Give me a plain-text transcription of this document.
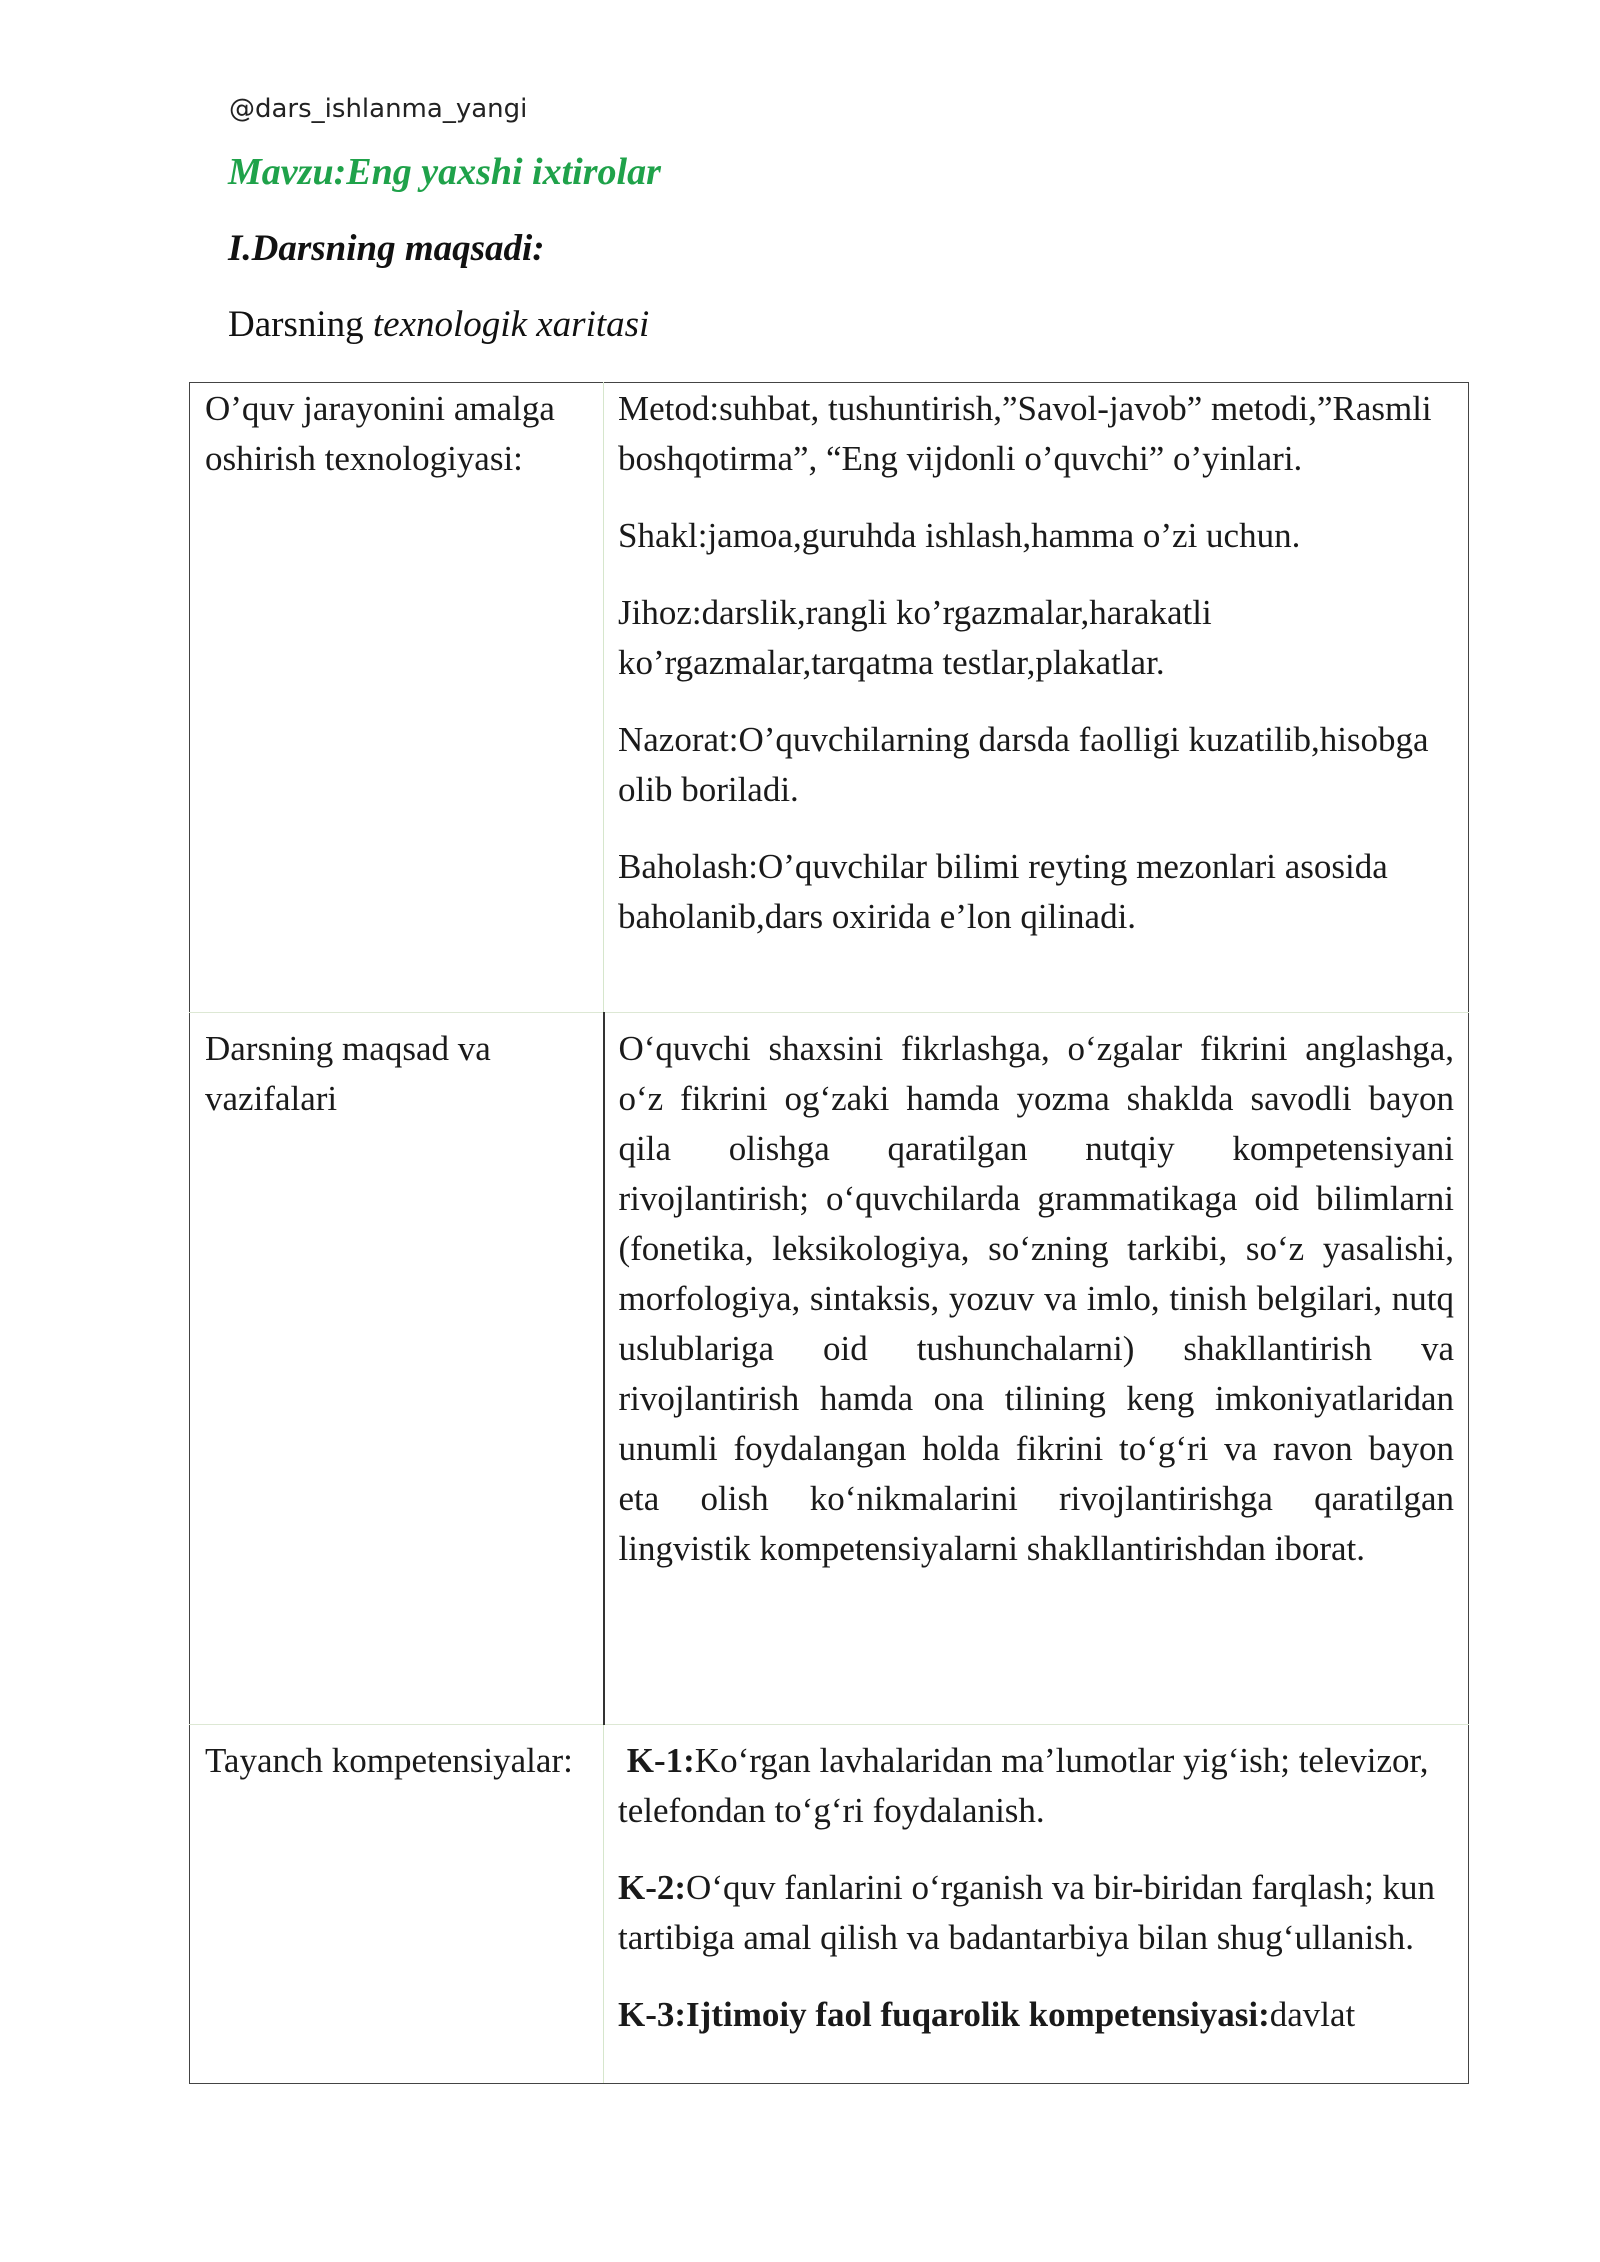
@dars_ishlanma_yangi
Mavzu:Eng yaxshi ixtirolar
I.Darsning maqsadi:
Darsning texnologik xaritasi
O’quv jarayonini amalga oshirish texnologiyasi:	Metod:suhbat, tushuntirish,”Savol-javob” metodi,”Rasmli boshqotirma”, “Eng vijdonli o’quvchi” o’yinlari.

Shakl:jamoa,guruhda ishlash,hamma o’zi uchun.

Jihoz:darslik,rangli ko’rgazmalar,harakatli ko’rgazmalar,tarqatma testlar,plakatlar.

Nazorat:O’quvchilarning darsda faolligi kuzatilib,hisobga olib boriladi.

Baholash:O’quvchilar bilimi reyting mezonlari asosida baholanib,dars oxirida e’lon qilinadi.

Darsning maqsad va vazifalari	O‘quvchi shaxsini fikrlashga, o‘zgalar fikrini anglashga, o‘z fikrini og‘zaki hamda yozma shaklda savodli bayon qila olishga qaratilgan nutqiy kompetensiyani rivojlantirish; o‘quvchilarda grammatikaga oid bilimlarni (fonetika, leksikologiya, so‘zning tarkibi, so‘z yasalishi, morfologiya, sintaksis, yozuv va imlo, tinish belgilari, nutq uslublariga oid tushunchalarni) shakllantirish va rivojlantirish hamda ona tilining keng imkoniyatlaridan unumli foydalangan holda fikrini to‘g‘ri va ravon bayon eta olish ko‘nikmalarini rivojlantirishga qaratilgan lingvistik kompetensiyalarni shakllantirishdan iborat.

Tayanch kompetensiyalar:	K-1:Ko‘rgan lavhalaridan ma’lumotlar yig‘ish; televizor, telefondan to‘g‘ri foydalanish.

K-2:O‘quv fanlarini o‘rganish va bir-biridan farqlash; kun tartibiga amal qilish va badantarbiya bilan shug‘ullanish.

K-3:Ijtimoiy faol fuqarolik kompetensiyasi:davlat
